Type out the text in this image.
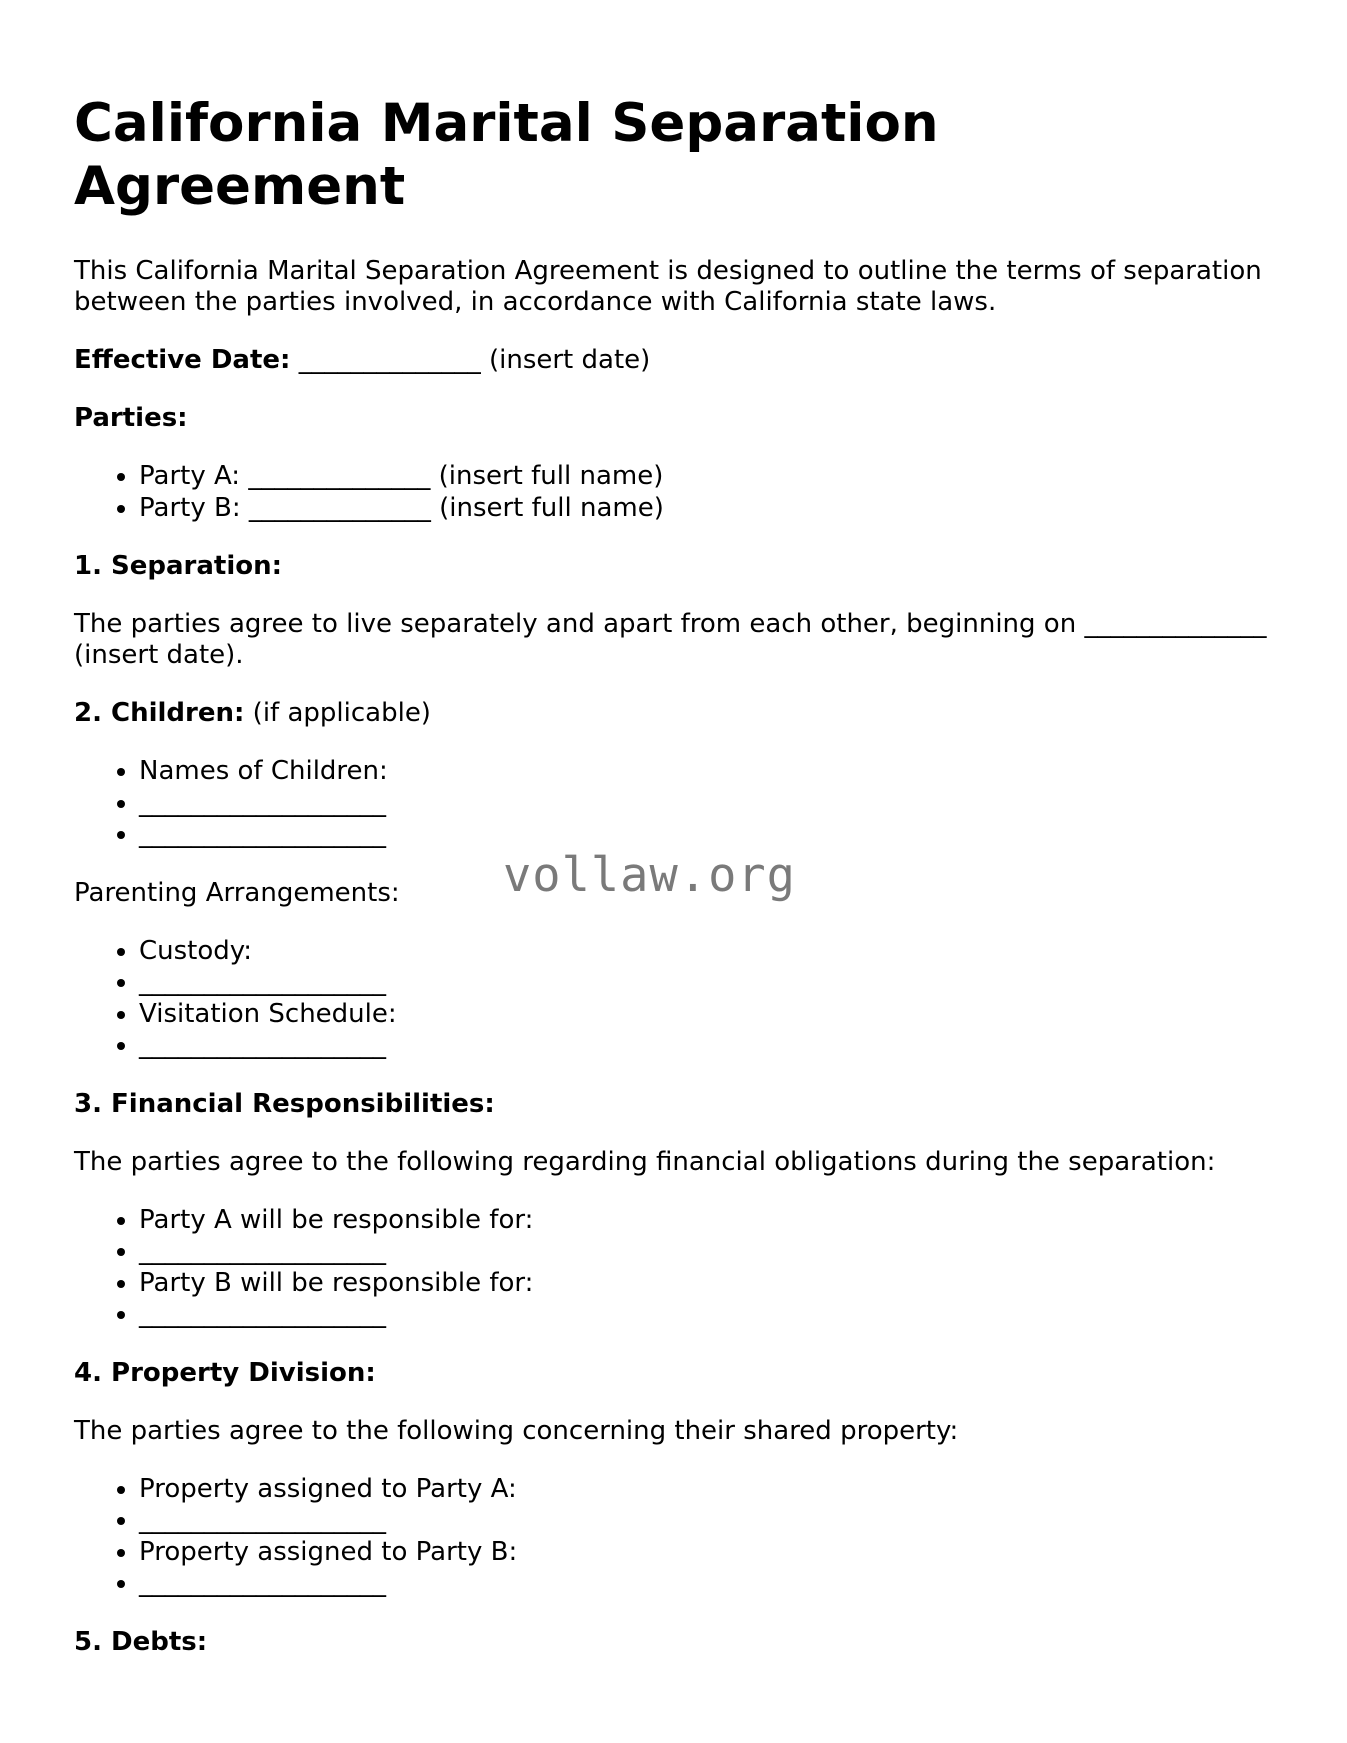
California Marital Separation Agreement

This California Marital Separation Agreement is designed to outline the terms of separation between the parties involved, in accordance with California state laws.

Effective Date: ______________ (insert date)

Parties:

• Party A: ______________ (insert full name)
• Party B: ______________ (insert full name)

1. Separation:

The parties agree to live separately and apart from each other, beginning on ______________ (insert date).

2. Children: (if applicable)

• Names of Children:
• ___________________
• ___________________

Parenting Arrangements:

• Custody:
• ___________________
• Visitation Schedule:
• ___________________

3. Financial Responsibilities:

The parties agree to the following regarding financial obligations during the separation:

• Party A will be responsible for:
• ___________________
• Party B will be responsible for:
• ___________________

4. Property Division:

The parties agree to the following concerning their shared property:

• Property assigned to Party A:
• ___________________
• Property assigned to Party B:
• ___________________

5. Debts:

vollaw.org
